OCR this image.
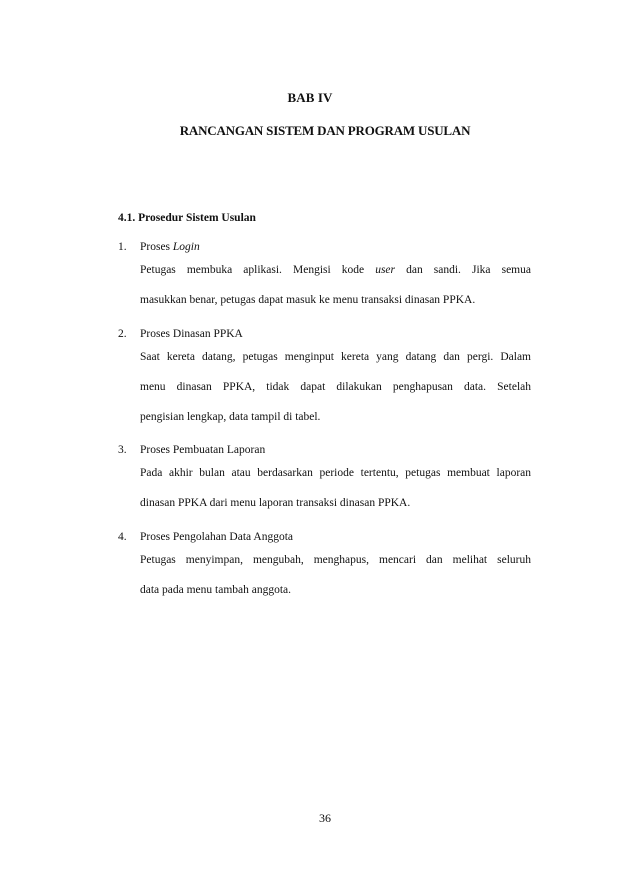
BAB IV
RANCANGAN SISTEM DAN PROGRAM USULAN
4.1. Prosedur Sistem Usulan
1. Proses Login
Petugas membuka aplikasi. Mengisi kode user dan sandi. Jika semua
masukkan benar, petugas dapat masuk ke menu transaksi dinasan PPKA.
2. Proses Dinasan PPKA
Saat kereta datang, petugas menginput kereta yang datang dan pergi. Dalam
menu dinasan PPKA, tidak dapat dilakukan penghapusan data. Setelah
pengisian lengkap, data tampil di tabel.
3. Proses Pembuatan Laporan
Pada akhir bulan atau berdasarkan periode tertentu, petugas membuat laporan
dinasan PPKA dari menu laporan transaksi dinasan PPKA.
4. Proses Pengolahan Data Anggota
Petugas menyimpan, mengubah, menghapus, mencari dan melihat seluruh
data pada menu tambah anggota.
36
